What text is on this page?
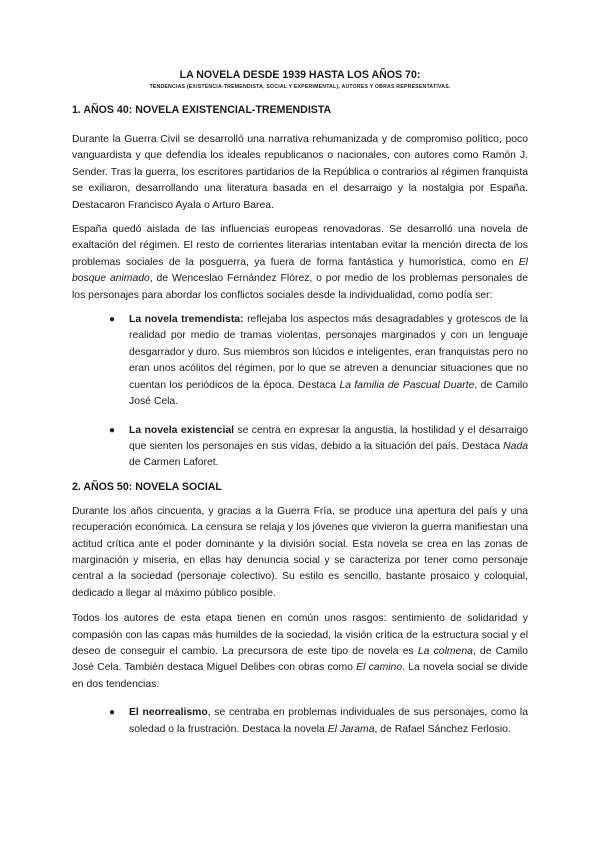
LA NOVELA DESDE 1939 HASTA LOS AÑOS 70:
TENDENCIAS (EXISTENCIA-TREMENDISTA, SOCIAL Y EXPERIMENTAL), AUTORES Y OBRAS REPRESENTATIVAS.
1. AÑOS 40: NOVELA EXISTENCIAL-TREMENDISTA

Durante la Guerra Civil se desarrolló una narrativa rehumanizada y de compromiso político, poco vanguardista y que defendía los ideales republicanos o nacionales, con autores como Ramón J. Sender. Tras la guerra, los escritores partidarios de la República o contrarios al régimen franquista se exiliaron, desarrollando una literatura basada en el desarraigo y la nostalgia por España. Destacaron Francisco Ayala o Arturo Barea.

España quedó aislada de las influencias europeas renovadoras. Se desarrolló una novela de exaltación del régimen. El resto de corrientes literarias intentaban evitar la mención directa de los problemas sociales de la posguerra, ya fuera de forma fantástica y humorística, como en El bosque animado, de Wenceslao Fernández Flórez, o por medio de los problemas personales de los personajes para abordar los conflictos sociales desde la individualidad, como podía ser:

● La novela tremendista: reflejaba los aspectos más desagradables y grotescos de la realidad por medio de tramas violentas, personajes marginados y con un lenguaje desgarrador y duro. Sus miembros son lúcidos e inteligentes, eran franquistas pero no eran unos acólitos del régimen, por lo que se atreven a denunciar situaciones que no cuentan los periódicos de la época. Destaca La familia de Pascual Duarte, de Camilo José Cela.
● La novela existencial se centra en expresar la angustia, la hostilidad y el desarraigo que sienten los personajes en sus vidas, debido a la situación del país. Destaca Nada de Carmen Laforet.
2. AÑOS 50: NOVELA SOCIAL

Durante los años cincuenta, y gracias a la Guerra Fría, se produce una apertura del país y una recuperación económica. La censura se relaja y los jóvenes que vivieron la guerra manifiestan una actitud crítica ante el poder dominante y la división social. Esta novela se crea en las zonas de marginación y miseria, en ellas hay denuncia social y se caracteriza por tener como personaje central a la sociedad (personaje colectivo). Su estilo es sencillo, bastante prosaico y coloquial, dedicado a llegar al máximo público posible.

Todos los autores de esta etapa tienen en común unos rasgos: sentimiento de solidaridad y compasión con las capas más humildes de la sociedad, la visión crítica de la estructura social y el deseo de conseguir el cambio. La precursora de este tipo de novela es La colmena, de Camilo José Cela. También destaca Miguel Delibes con obras como El camino. La novela social se divide en dos tendencias:

● El neorrealismo, se centraba en problemas individuales de sus personajes, como la soledad o la frustración. Destaca la novela El Jarama, de Rafael Sánchez Ferlosio.
